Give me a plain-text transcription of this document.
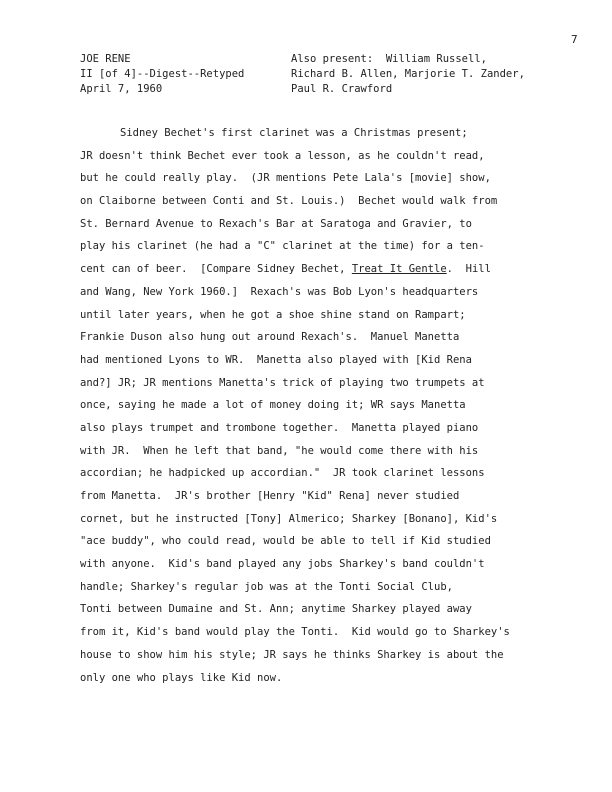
7
JOE RENE
II [of 4]--Digest--Retyped
April 7, 1960
Also present:  William Russell,
Richard B. Allen, Marjorie T. Zander,
Paul R. Crawford
Sidney Bechet's first clarinet was a Christmas present;
JR doesn't think Bechet ever took a lesson, as he couldn't read,
but he could really play.  (JR mentions Pete Lala's [movie] show,
on Claiborne between Conti and St. Louis.)  Bechet would walk from
St. Bernard Avenue to Rexach's Bar at Saratoga and Gravier, to
play his clarinet (he had a "C" clarinet at the time) for a ten-
cent can of beer.  [Compare Sidney Bechet, Treat It Gentle.  Hill
and Wang, New York 1960.]  Rexach's was Bob Lyon's headquarters
until later years, when he got a shoe shine stand on Rampart;
Frankie Duson also hung out around Rexach's.  Manuel Manetta
had mentioned Lyons to WR.  Manetta also played with [Kid Rena
and?] JR; JR mentions Manetta's trick of playing two trumpets at
once, saying he made a lot of money doing it; WR says Manetta
also plays trumpet and trombone together.  Manetta played piano
with JR.  When he left that band, "he would come there with his
accordian; he hadpicked up accordian."  JR took clarinet lessons
from Manetta.  JR's brother [Henry "Kid" Rena] never studied
cornet, but he instructed [Tony] Almerico; Sharkey [Bonano], Kid's
"ace buddy", who could read, would be able to tell if Kid studied
with anyone.  Kid's band played any jobs Sharkey's band couldn't
handle; Sharkey's regular job was at the Tonti Social Club,
Tonti between Dumaine and St. Ann; anytime Sharkey played away
from it, Kid's band would play the Tonti.  Kid would go to Sharkey's
house to show him his style; JR says he thinks Sharkey is about the
only one who plays like Kid now.
